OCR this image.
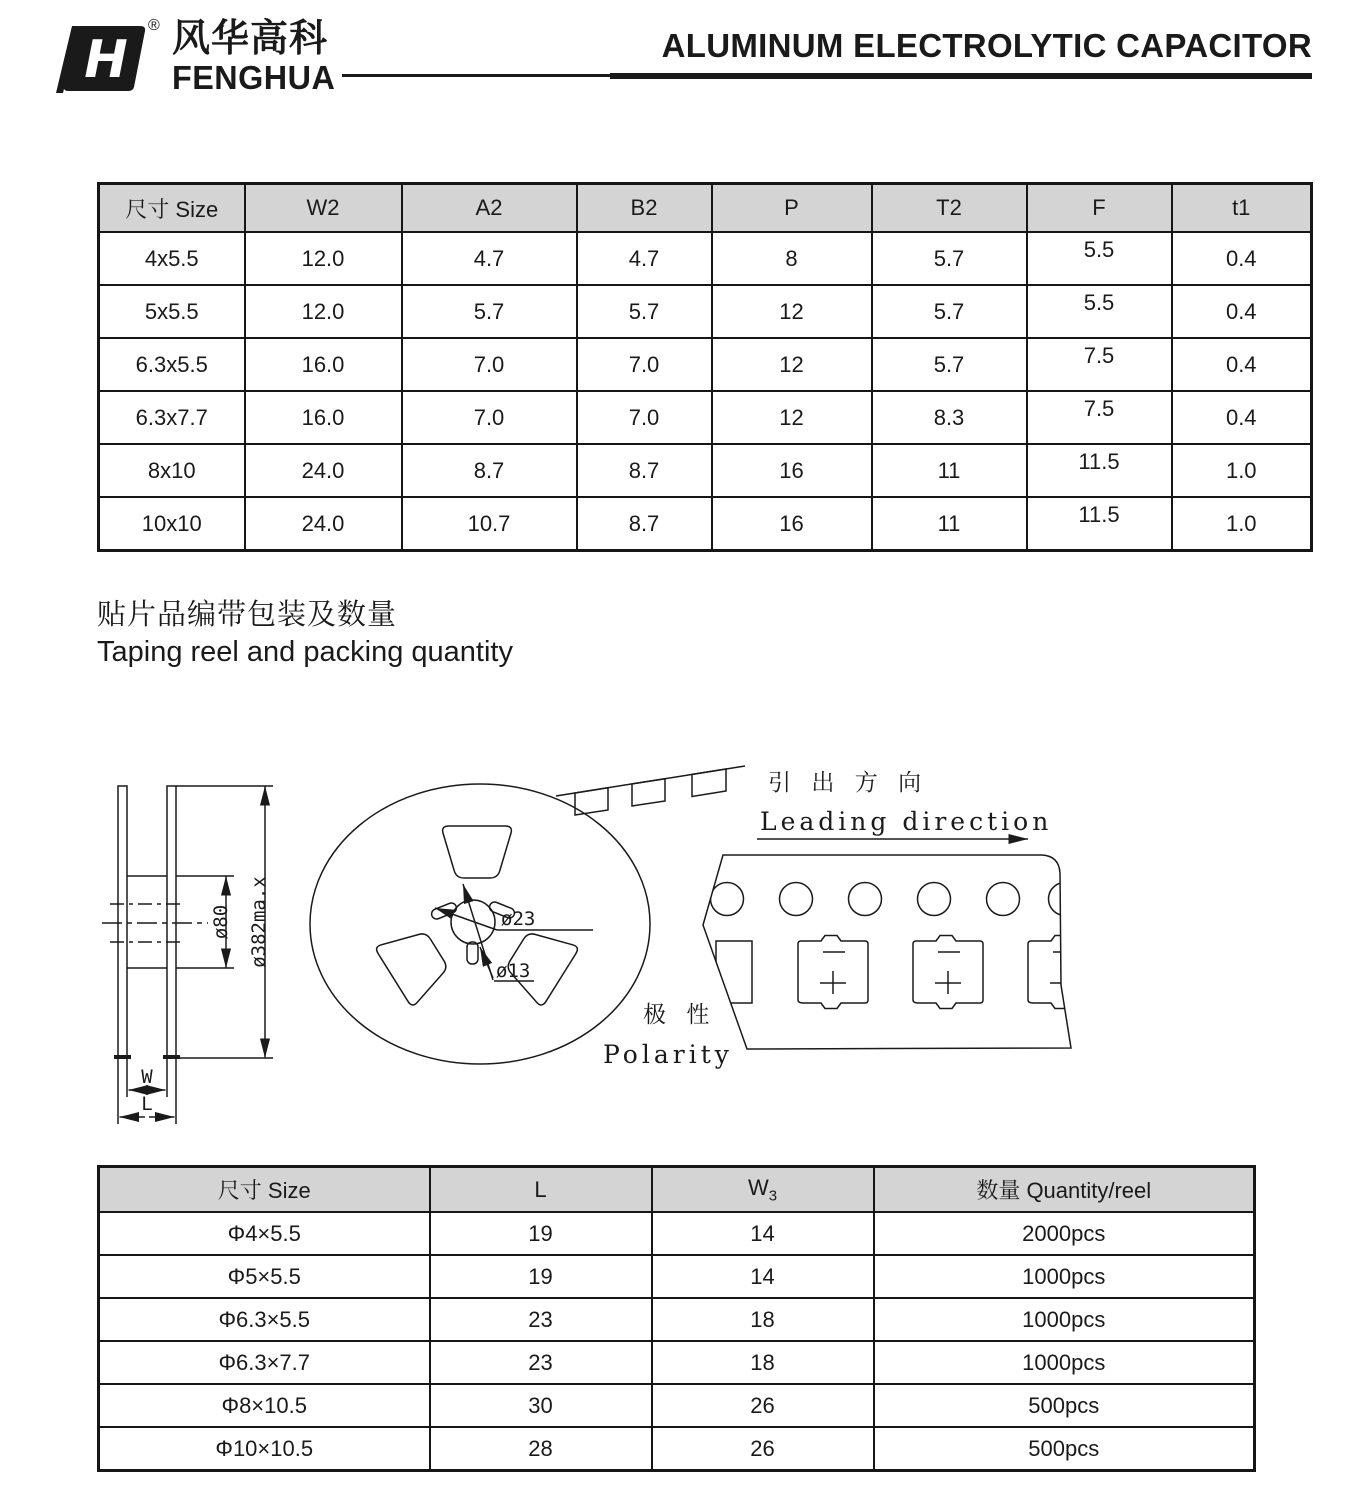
H
® 风华高科
FENGHUA
ALUMINUM ELECTROLYTIC CAPACITOR
尺寸 Size	W2	A2	B2	P	T2	F	t1
4x5.5	12.0	4.7	4.7	8	5.7	5.5	0.4
5x5.5	12.0	5.7	5.7	12	5.7	5.5	0.4
6.3x5.5	16.0	7.0	7.0	12	5.7	7.5	0.4
6.3x7.7	16.0	7.0	7.0	12	8.3	7.5	0.4
8x10	24.0	8.7	8.7	16	11	11.5	1.0
10x10	24.0	10.7	8.7	16	11	11.5	1.0
贴片品编带包装及数量
Taping reel and packing quantity
ø80 ø382ma.x
W
L
ø23
ø13
极 性
Polarity
引 出 方 向
Leading direction
尺寸 Size	L	$W_3$	数量 Quantity/reel
Φ4×5.5	19	14	2000pcs
Φ5×5.5	19	14	1000pcs
Φ6.3×5.5	23	18	1000pcs
Φ6.3×7.7	23	18	1000pcs
Φ8×10.5	30	26	500pcs
Φ10×10.5	28	26	500pcs
